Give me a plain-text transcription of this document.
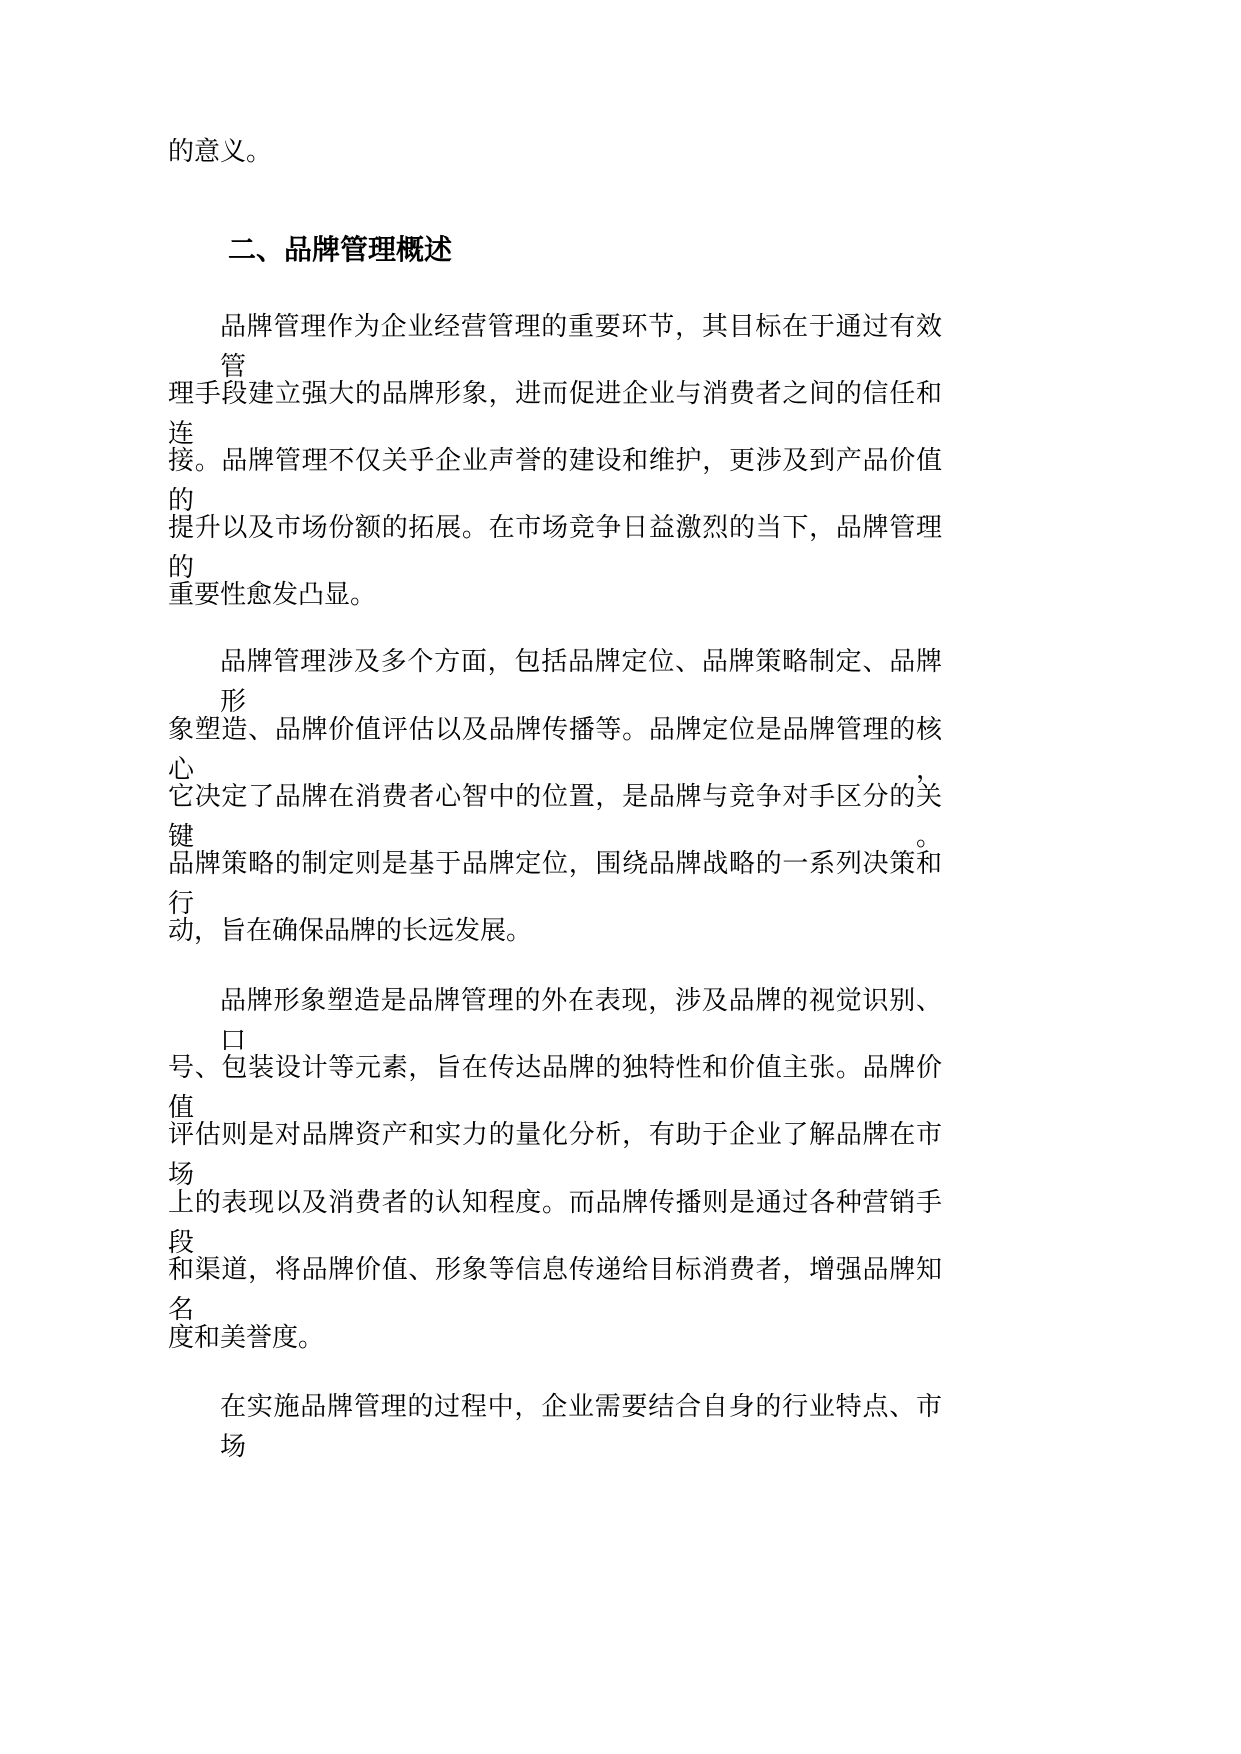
的意义。
二、品牌管理概述
品牌管理作为企业经营管理的重要环节，其目标在于通过有效管
理手段建立强大的品牌形象，进而促进企业与消费者之间的信任和连
接。品牌管理不仅关乎企业声誉的建设和维护，更涉及到产品价值的
提升以及市场份额的拓展。在市场竞争日益激烈的当下，品牌管理的
重要性愈发凸显。
品牌管理涉及多个方面，包括品牌定位、品牌策略制定、品牌形
象塑造、品牌价值评估以及品牌传播等。品牌定位是品牌管理的核心，
它决定了品牌在消费者心智中的位置，是品牌与竞争对手区分的关键。
品牌策略的制定则是基于品牌定位，围绕品牌战略的一系列决策和行
动，旨在确保品牌的长远发展。
品牌形象塑造是品牌管理的外在表现，涉及品牌的视觉识别、口
号、包装设计等元素，旨在传达品牌的独特性和价值主张。品牌价值
评估则是对品牌资产和实力的量化分析，有助于企业了解品牌在市场
上的表现以及消费者的认知程度。而品牌传播则是通过各种营销手段
和渠道，将品牌价值、形象等信息传递给目标消费者，增强品牌知名
度和美誉度。
在实施品牌管理的过程中，企业需要结合自身的行业特点、市场
